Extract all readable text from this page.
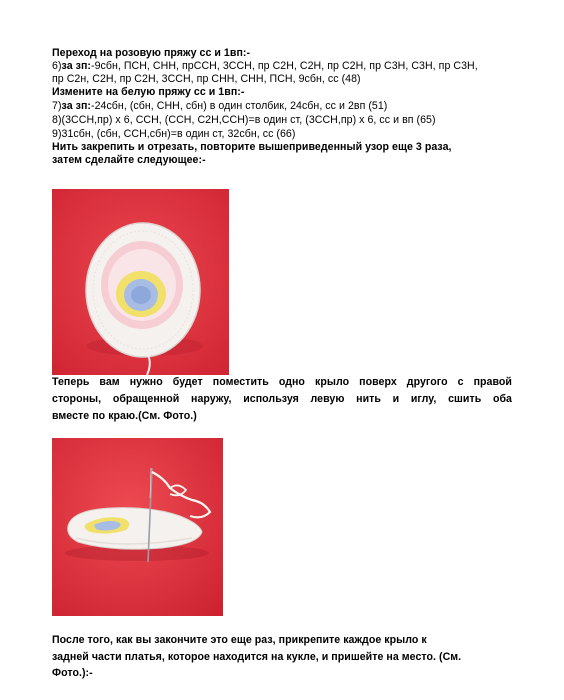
Переход на розовую пряжу сс и 1вп:-
6)за зп:-9сбн, ПСН, СНН, прССН, 3ССН, пр С2Н, С2Н, пр С2Н, пр С3Н, С3Н, пр С3Н,
пр С2н, С2Н, пр С2Н, 3ССН, пр СНН, СНН, ПСН, 9сбн, сс (48)
Измените на белую пряжу сс и 1вп:-
7)за зп:-24сбн, (сбн, СНН, сбн) в один столбик, 24сбн, сс и 2вп (51)
8)(3ССН,пр) х 6, ССН, (ССН, С2Н,ССН)=в один ст, (3ССН,пр) х 6, сс и вп (65)
9)31сбн, (сбн, ССН,сбн)=в один ст, 32сбн, сс (66)
Нить закрепить и отрезать, повторите вышеприведенный узор еще 3 раза,
затем сделайте следующее:-
Теперь вам нужно будет поместить одно крыло поверх другого с правой
стороны, обращенной наружу, используя левую нить и иглу, сшить оба
вместе по краю.(См. Фото.)
После того, как вы закончите это еще раз, прикрепите каждое крыло к
задней части платья, которое находится на кукле, и пришейте на место. (См.
Фото.):-
